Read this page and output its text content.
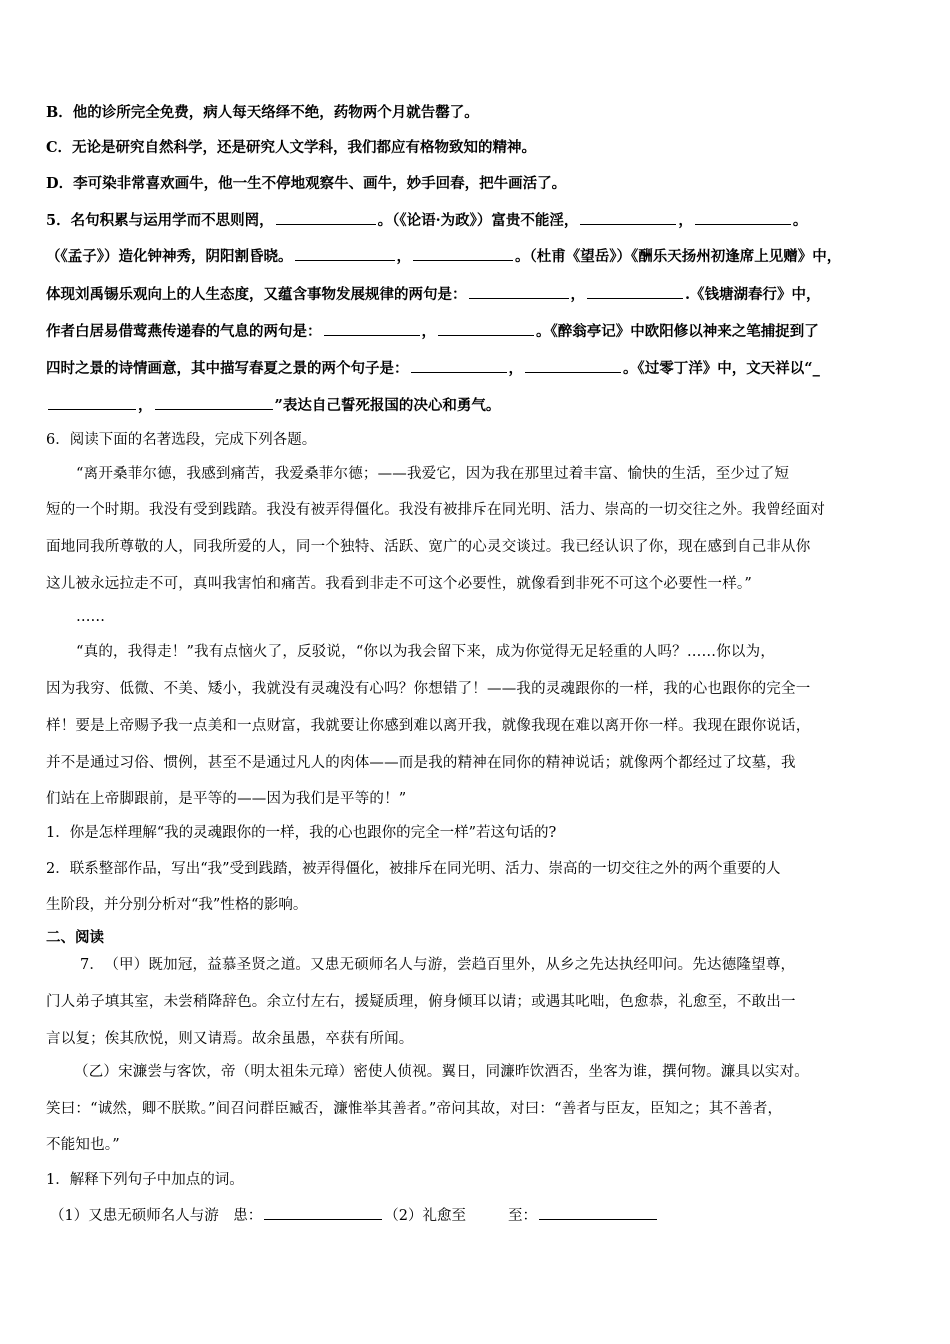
B．他的诊所完全免费，病人每天络绎不绝，药物两个月就告罄了。
C．无论是研究自然科学，还是研究人文学科，我们都应有格物致知的精神。
D．李可染非常喜欢画牛，他一生不停地观察牛、画牛，妙手回春，把牛画活了。
5．名句积累与运用学而不思则罔，	。（《论语·为政》）富贵不能淫，	，	。
（《孟子》）造化钟神秀，阴阳割昏晓。	，	。（杜甫《望岳》）《酬乐天扬州初逢席上见赠》中，
体现刘禹锡乐观向上的人生态度，又蕴含事物发展规律的两句是：	，	.《钱塘湖春行》中，
作者白居易借莺燕传递春的气息的两句是：	，	。《醉翁亭记》中欧阳修以神来之笔捕捉到了
四时之景的诗情画意，其中描写春夏之景的两个句子是：	，	。《过零丁洋》中，文天祥以“_
，	”表达自己誓死报国的决心和勇气。
6．阅读下面的名著选段，完成下列各题。
“离开桑菲尔德，我感到痛苦，我爱桑菲尔德；——我爱它，因为我在那里过着丰富、愉快的生活，至少过了短
短的一个时期。我没有受到践踏。我没有被弄得僵化。我没有被排斥在同光明、活力、崇高的一切交往之外。我曾经面对
面地同我所尊敬的人，同我所爱的人，同一个独特、活跃、宽广的心灵交谈过。我已经认识了你，现在感到自己非从你
这儿被永远拉走不可，真叫我害怕和痛苦。我看到非走不可这个必要性，就像看到非死不可这个必要性一样。”
……
“真的，我得走！”我有点恼火了，反驳说，“你以为我会留下来，成为你觉得无足轻重的人吗？……你以为，
因为我穷、低微、不美、矮小，我就没有灵魂没有心吗？你想错了！——我的灵魂跟你的一样，我的心也跟你的完全一
样！要是上帝赐予我一点美和一点财富，我就要让你感到难以离开我，就像我现在难以离开你一样。我现在跟你说话，
并不是通过习俗、惯例，甚至不是通过凡人的肉体——而是我的精神在同你的精神说话；就像两个都经过了坟墓，我
们站在上帝脚跟前，是平等的——因为我们是平等的！”
1．你是怎样理解“我的灵魂跟你的一样，我的心也跟你的完全一样”若这句话的?
2．联系整部作品，写出“我”受到践踏，被弄得僵化，被排斥在同光明、活力、崇高的一切交往之外的两个重要的人
生阶段，并分别分析对“我”性格的影响。
二、阅读
7．　（甲）既加冠，益慕圣贤之道。又患无硕师名人与游，尝趋百里外，从乡之先达执经叩问。先达德隆望尊，
门人弟子填其室，未尝稍降辞色。余立付左右，援疑质理，俯身倾耳以请；或遇其叱咄，色愈恭，礼愈至，不敢出一
言以复；俟其欣悦，则又请焉。故余虽愚，卒获有所闻。
（乙）宋濂尝与客饮，帝（明太祖朱元璋）密使人侦视。翼日，同濂昨饮酒否，坐客为谁，撰何物。濂具以实对。
笑曰：“诚然，卿不朕欺。”间召问群臣臧否，濂惟举其善者。”帝问其故，对曰：“善者与臣友，臣知之；其不善者，
不能知也。”
1．解释下列句子中加点的词。
（1）又患无硕师名人与游　患：	（2）礼愈至	至：
